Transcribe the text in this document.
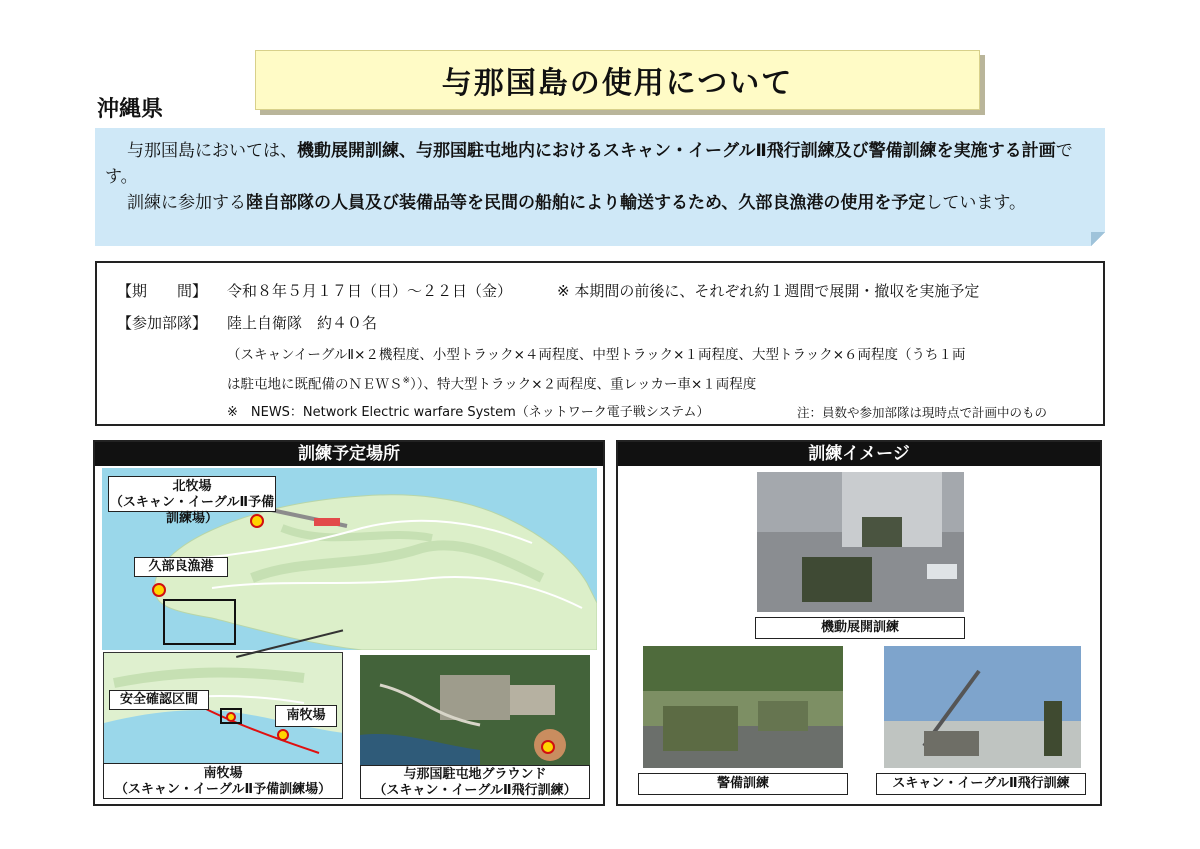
与那国島の使用について
沖縄県
与那国島においては、機動展開訓練、与那国駐屯地内におけるスキャン・イーグルⅡ飛行訓練及び警備訓練を実施する計画です。
訓練に参加する陸自部隊の人員及び装備品等を民間の船舶により輸送するため、久部良漁港の使用を予定しています。
【期　　間】 令和８年５月１７日（日）～２２日（金）	※ 本期間の前後に、それぞれ約１週間で展開・撤収を実施予定
【参加部隊】 陸上自衛隊　約４０名
（スキャンイーグルⅡ×２機程度、小型トラック×４両程度、中型トラック×１両程度、大型トラック×６両程度（うち１両
は駐屯地に既配備のＮＥＷＳ※））、特大型トラック×２両程度、重レッカー車×１両程度
※　NEWS：Network Electric warfare System（ネットワーク電子戦システム）	注：員数や参加部隊は現時点で計画中のもの
訓練予定場所
北牧場
（スキャン・イーグルⅡ予備訓練場）
久部良漁港
安全確認区間
南牧場
南牧場
（スキャン・イーグルⅡ予備訓練場）
与那国駐屯地グラウンド
（スキャン・イーグルⅡ飛行訓練）
訓練イメージ
機動展開訓練
警備訓練	スキャン・イーグルⅡ飛行訓練
